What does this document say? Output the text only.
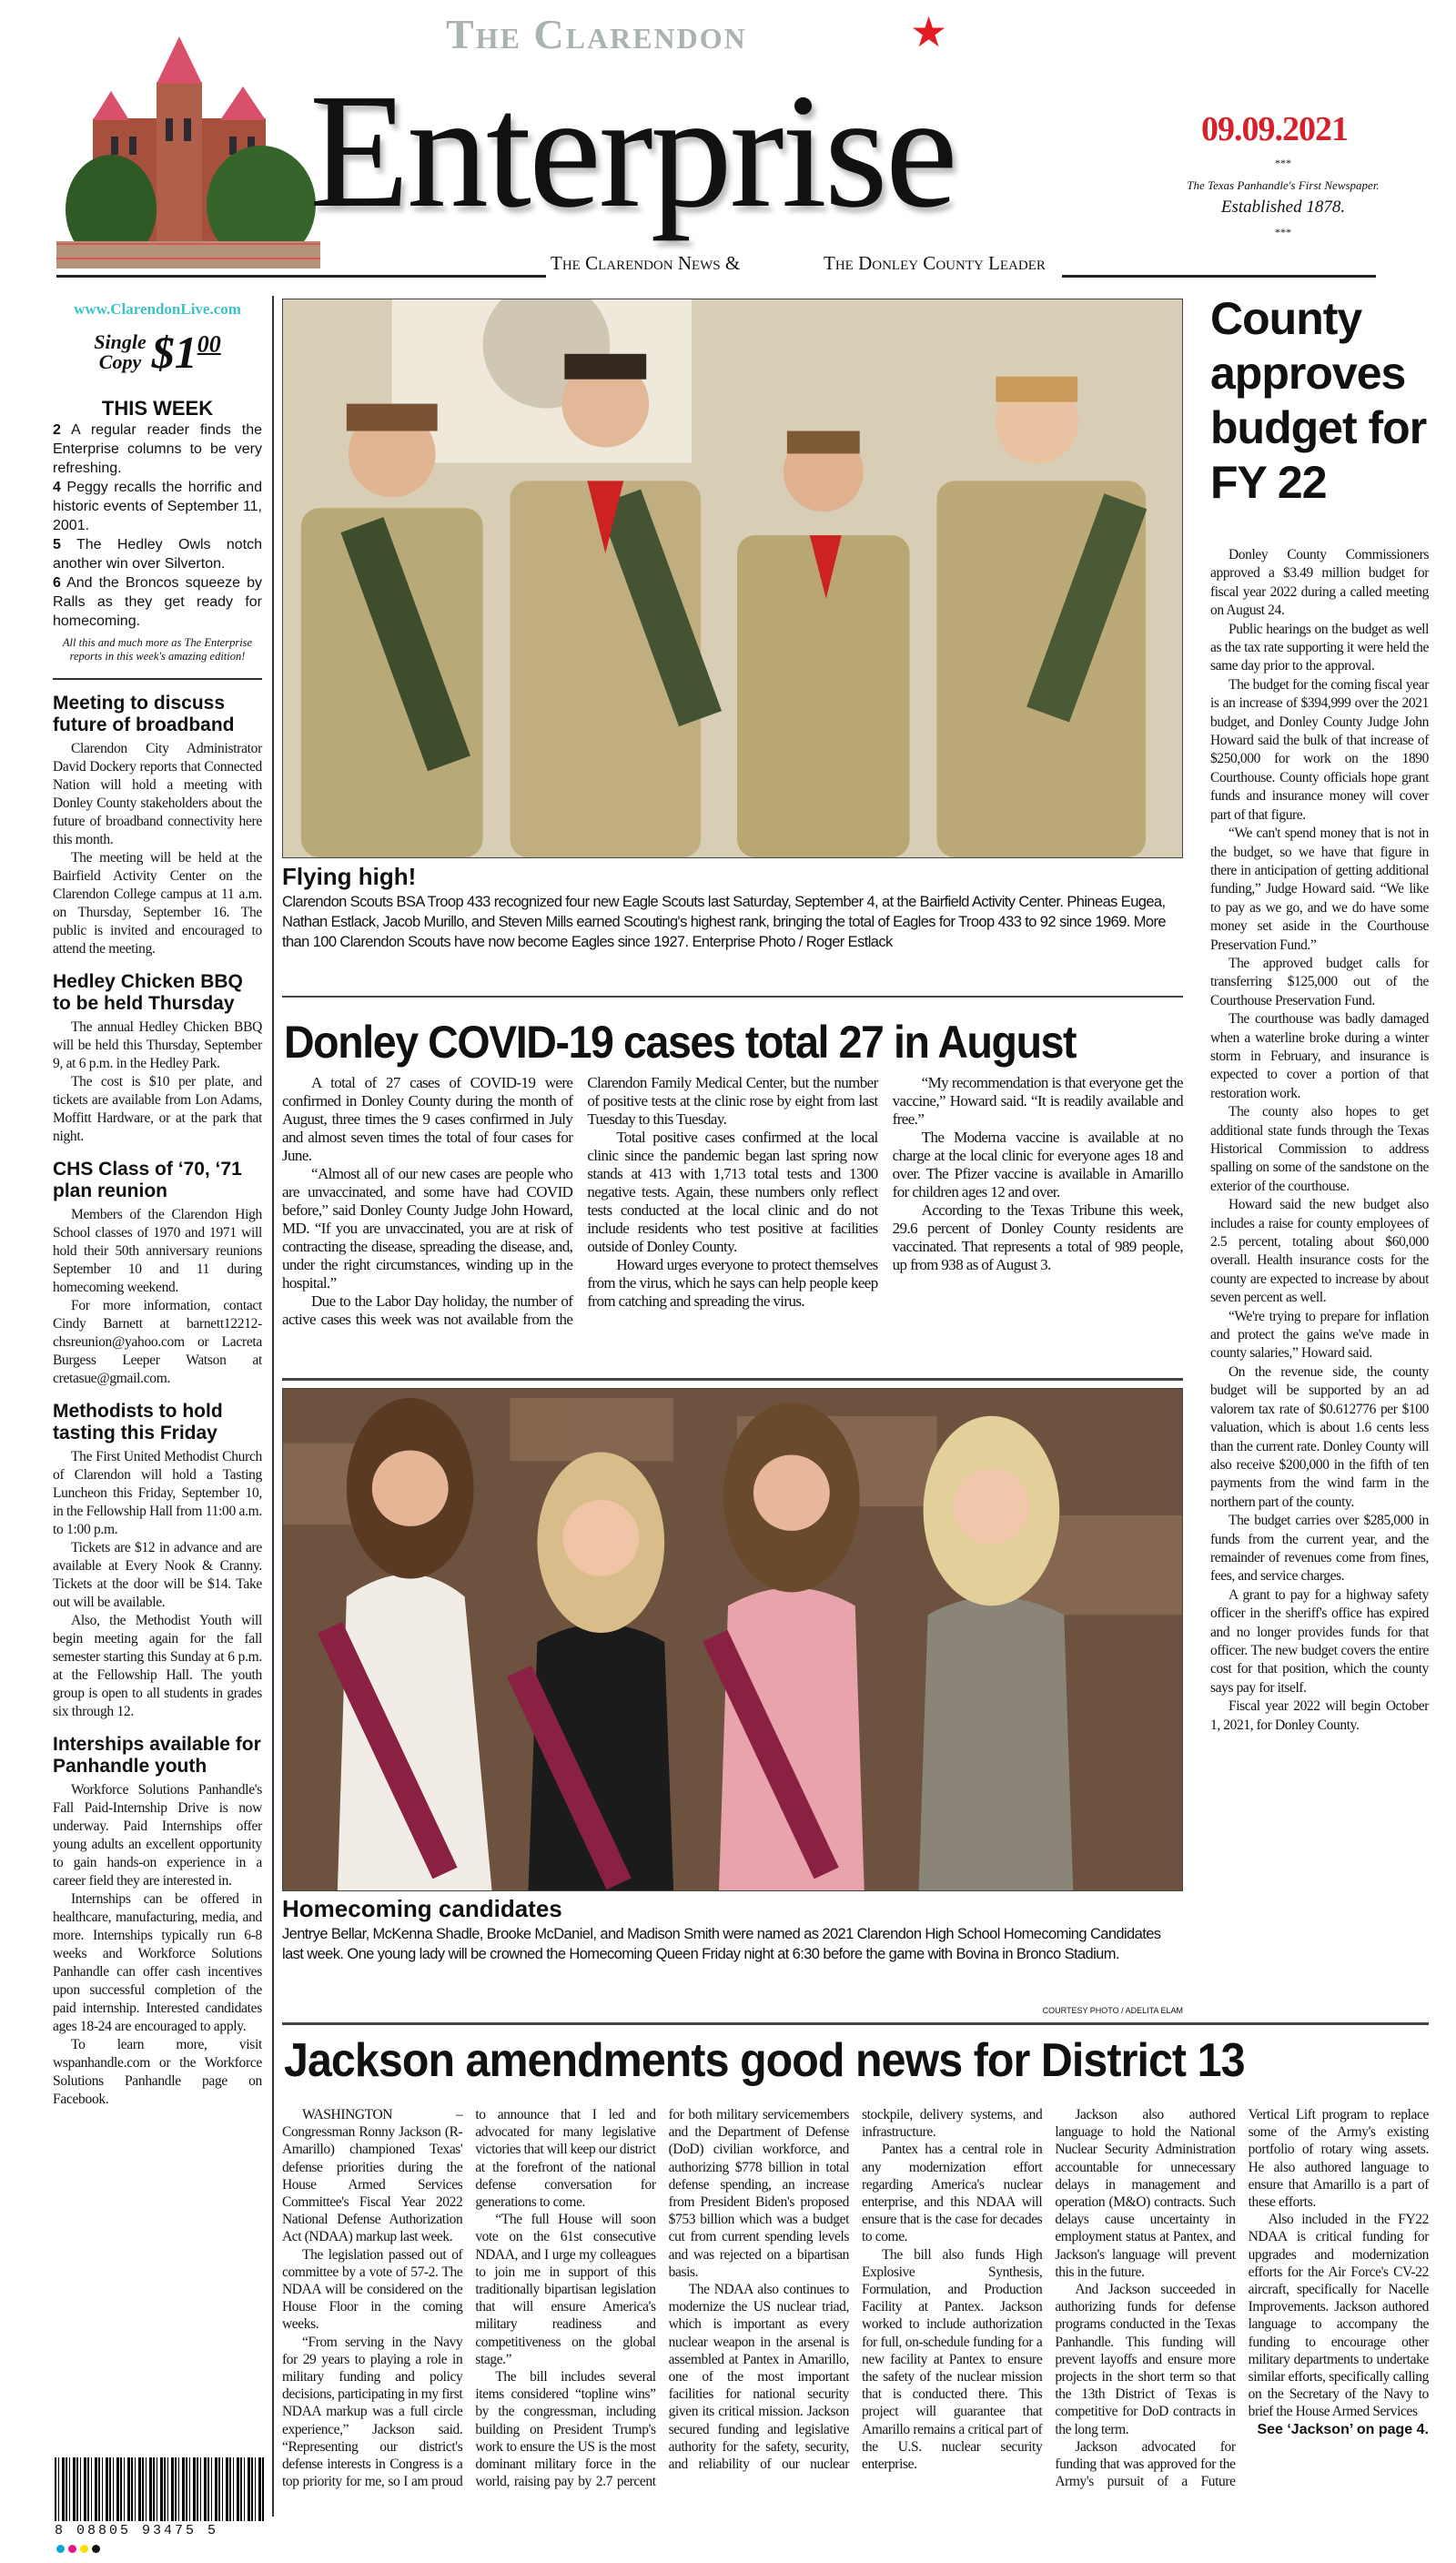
The Clarendon	★
Enterprise	09.09.2021
***
The Texas Panhandle's First Newspaper.
Established 1878.
***
The Clarendon News &	The Donley County Leader
www.ClarendonLive.com
Single
Copy $\$1^{00}$
THIS WEEK
2 A regular reader finds the Enterprise columns to be very refreshing.
4 Peggy recalls the horrific and historic events of September 11, 2001.
5 The Hedley Owls notch another win over Silverton.
6 And the Broncos squeeze by Ralls as they get ready for homecoming.
All this and much more as The Enterprise reports in this week's amazing edition!
Meeting to discuss future of broadband

Clarendon City Administrator David Dockery reports that Connected Nation will hold a meeting with Donley County stakeholders about the future of broadband connectivity here this month.

The meeting will be held at the Bairfield Activity Center on the Clarendon College campus at 11 a.m. on Thursday, September 16. The public is invited and encouraged to attend the meeting.

Hedley Chicken BBQ to be held Thursday

The annual Hedley Chicken BBQ will be held this Thursday, September 9, at 6 p.m. in the Hedley Park.

The cost is $10 per plate, and tickets are available from Lon Adams, Moffitt Hardware, or at the park that night.

CHS Class of ‘70, ‘71 plan reunion

Members of the Clarendon High School classes of 1970 and 1971 will hold their 50th anniversary reunions September 10 and 11 during homecoming weekend.

For more information, contact Cindy Barnett at barnett12212-chsreunion@yahoo.com or Lacreta Burgess Leeper Watson at cretasue@gmail.com.

Methodists to hold tasting this Friday

The First United Methodist Church of Clarendon will hold a Tasting Luncheon this Friday, September 10, in the Fellowship Hall from 11:00 a.m. to 1:00 p.m.

Tickets are $12 in advance and are available at Every Nook & Cranny. Tickets at the door will be $14. Take out will be available.

Also, the Methodist Youth will begin meeting again for the fall semester starting this Sunday at 6 p.m. at the Fellowship Hall. The youth group is open to all students in grades six through 12.

Interships available for Panhandle youth

Workforce Solutions Panhandle's Fall Paid-Internship Drive is now underway. Paid Internships offer young adults an excellent opportunity to gain hands-on experience in a career field they are interested in.

Internships can be offered in healthcare, manufacturing, media, and more. Internships typically run 6-8 weeks and Workforce Solutions Panhandle can offer cash incentives upon successful completion of the paid internship. Interested candidates ages 18-24 are encouraged to apply.

To learn more, visit wspanhandle.com or the Workforce Solutions Panhandle page on Facebook.

8 08805 93475 5
Flying high!
Clarendon Scouts BSA Troop 433 recognized four new Eagle Scouts last Saturday, September 4, at the Bairfield Activity Center. Phineas Eugea, Nathan Estlack, Jacob Murillo, and Steven Mills earned Scouting's highest rank, bringing the total of Eagles for Troop 433 to 92 since 1969. More than 100 Clarendon Scouts have now become Eagles since 1927. Enterprise Photo / Roger Estlack
Donley COVID-19 cases total 27 in August

A total of 27 cases of COVID-19 were confirmed in Donley County during the month of August, three times the 9 cases confirmed in July and almost seven times the total of four cases for June.

“Almost all of our new cases are people who are unvaccinated, and some have had COVID before,” said Donley County Judge John Howard, MD. “If you are unvaccinated, you are at risk of contracting the disease, spreading the disease, and, under the right circumstances, winding up in the hospital.”

Due to the Labor Day holiday, the number of active cases this week was not available from the Clarendon Family Medical Center, but the number of positive tests at the clinic rose by eight from last Tuesday to this Tuesday.

Total positive cases confirmed at the local clinic since the pandemic began last spring now stands at 413 with 1,713 total tests and 1300 negative tests. Again, these numbers only reflect tests conducted at the local clinic and do not include residents who test positive at facilities outside of Donley County.

Howard urges everyone to protect themselves from the virus, which he says can help people keep from catching and spreading the virus.

“My recommendation is that everyone get the vaccine,” Howard said. “It is readily available and free.”

The Moderna vaccine is available at no charge at the local clinic for everyone ages 18 and over. The Pfizer vaccine is available in Amarillo for children ages 12 and over.

According to the Texas Tribune this week, 29.6 percent of Donley County residents are vaccinated. That represents a total of 989 people, up from 938 as of August 3.

Homecoming candidates
Jentrye Bellar, McKenna Shadle, Brooke McDaniel, and Madison Smith were named as 2021 Clarendon High School Homecoming Candidates last week. One young lady will be crowned the Homecoming Queen Friday night at 6:30 before the game with Bovina in Bronco Stadium.
COURTESY PHOTO / ADELITA ELAM
County approves budget for FY 22

Donley County Commissioners approved a $3.49 million budget for fiscal year 2022 during a called meeting on August 24.

Public hearings on the budget as well as the tax rate supporting it were held the same day prior to the approval.

The budget for the coming fiscal year is an increase of $394,999 over the 2021 budget, and Donley County Judge John Howard said the bulk of that increase of $250,000 for work on the 1890 Courthouse. County officials hope grant funds and insurance money will cover part of that figure.

“We can't spend money that is not in the budget, so we have that figure in there in anticipation of getting additional funding,” Judge Howard said. “We like to pay as we go, and we do have some money set aside in the Courthouse Preservation Fund.”

The approved budget calls for transferring $125,000 out of the Courthouse Preservation Fund.

The courthouse was badly damaged when a waterline broke during a winter storm in February, and insurance is expected to cover a portion of that restoration work.

The county also hopes to get additional state funds through the Texas Historical Commission to address spalling on some of the sandstone on the exterior of the courthouse.

Howard said the new budget also includes a raise for county employees of 2.5 percent, totaling about $60,000 overall. Health insurance costs for the county are expected to increase by about seven percent as well.

“We're trying to prepare for inflation and protect the gains we've made in county salaries,” Howard said.

On the revenue side, the county budget will be supported by an ad valorem tax rate of $0.612776 per $100 valuation, which is about 1.6 cents less than the current rate. Donley County will also receive $200,000 in the fifth of ten payments from the wind farm in the northern part of the county.

The budget carries over $285,000 in funds from the current year, and the remainder of revenues come from fines, fees, and service charges.

A grant to pay for a highway safety officer in the sheriff's office has expired and no longer provides funds for that officer. The new budget covers the entire cost for that position, which the county says pay for itself.

Fiscal year 2022 will begin October 1, 2021, for Donley County.

Jackson amendments good news for District 13

WASHINGTON – Congressman Ronny Jackson (R-Amarillo) championed Texas' defense priorities during the House Armed Services Committee's Fiscal Year 2022 National Defense Authorization Act (NDAA) markup last week.

The legislation passed out of committee by a vote of 57-2. The NDAA will be considered on the House Floor in the coming weeks.

“From serving in the Navy for 29 years to playing a role in military funding and policy decisions, participating in my first NDAA markup was a full circle experience,” Jackson said. “Representing our district's defense interests in Congress is a top priority for me, so I am proud to announce that I led and advocated for many legislative victories that will keep our district at the forefront of the national defense conversation for generations to come.

“The full House will soon vote on the 61st consecutive NDAA, and I urge my colleagues to join me in support of this traditionally bipartisan legislation that will ensure America's military readiness and competitiveness on the global stage.”

The bill includes several items considered “topline wins” by the congressman, including building on President Trump's work to ensure the US is the most dominant military force in the world, raising pay by 2.7 percent for both military servicemembers and the Department of Defense (DoD) civilian workforce, and authorizing $778 billion in total defense spending, an increase from President Biden's proposed $753 billion which was a budget cut from current spending levels and was rejected on a bipartisan basis.

The NDAA also continues to modernize the US nuclear triad, which is important as every nuclear weapon in the arsenal is assembled at Pantex in Amarillo, one of the most important facilities for national security given its critical mission. Jackson secured funding and legislative authority for the safety, security, and reliability of our nuclear stockpile, delivery systems, and infrastructure.

Pantex has a central role in any modernization effort regarding America's nuclear enterprise, and this NDAA will ensure that is the case for decades to come.

The bill also funds High Explosive Synthesis, Formulation, and Production Facility at Pantex. Jackson worked to include authorization for full, on-schedule funding for a new facility at Pantex to ensure the safety of the nuclear mission that is conducted there. This project will guarantee that Amarillo remains a critical part of the U.S. nuclear security enterprise.

Jackson also authored language to hold the National Nuclear Security Administration accountable for unnecessary delays in management and operation (M&O) contracts. Such delays cause uncertainty in employment status at Pantex, and Jackson's language will prevent this in the future.

And Jackson succeeded in authorizing funds for defense programs conducted in the Texas Panhandle. This funding will prevent layoffs and ensure more projects in the short term so that the 13th District of Texas is competitive for DoD contracts in the long term.

Jackson advocated for funding that was approved for the Army's pursuit of a Future Vertical Lift program to replace some of the Army's existing portfolio of rotary wing assets. He also authored language to ensure that Amarillo is a part of these efforts.

Also included in the FY22 NDAA is critical funding for upgrades and modernization efforts for the Air Force's CV-22 aircraft, specifically for Nacelle Improvements. Jackson authored language to accompany the funding to encourage other military departments to undertake similar efforts, specifically calling on the Secretary of the Navy to brief the House Armed Services

See ‘Jackson’ on page 4.
